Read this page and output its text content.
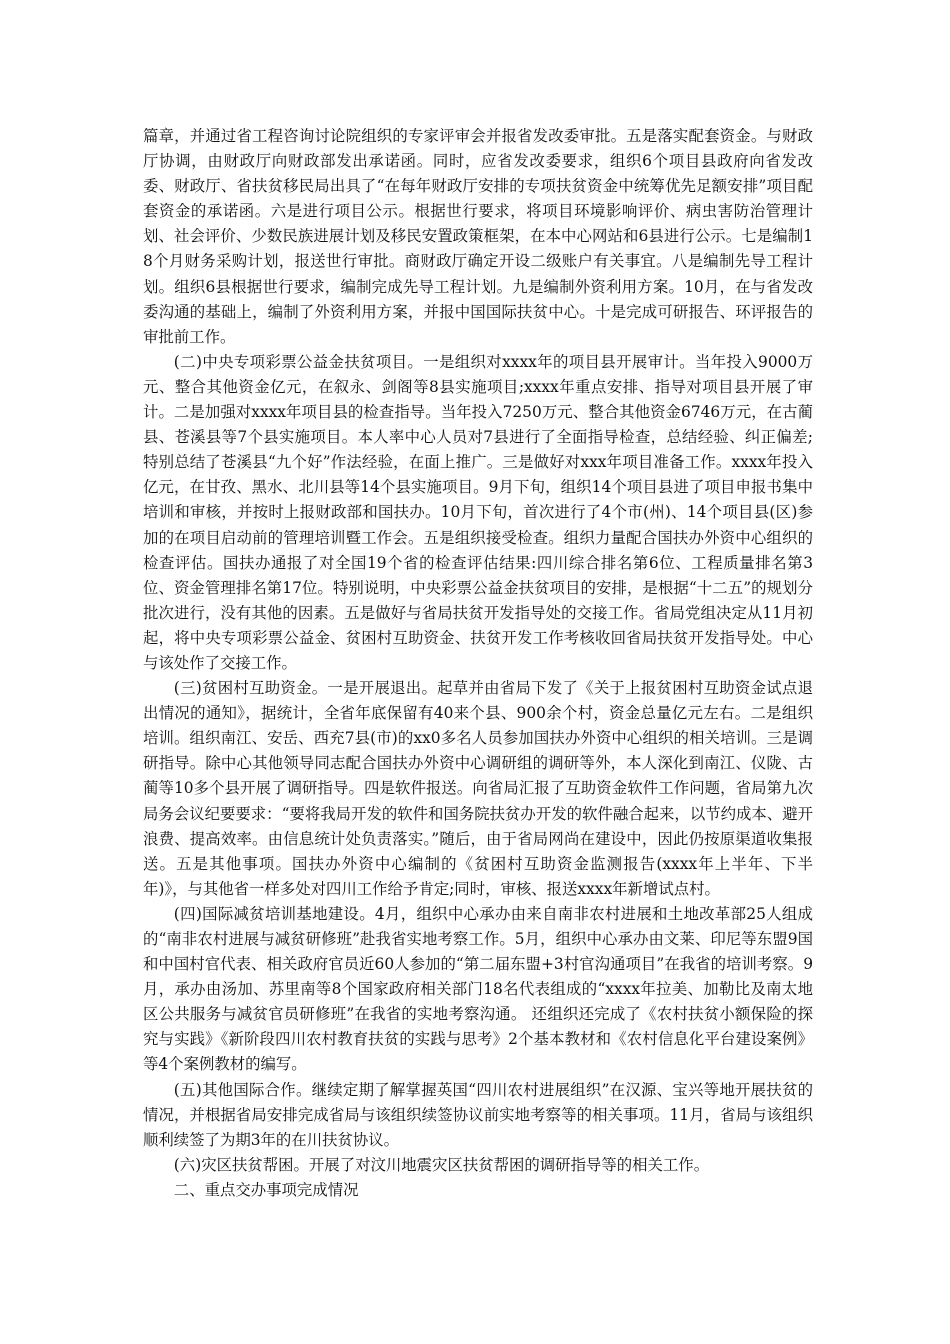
篇章，并通过省工程咨询讨论院组织的专家评审会并报省发改委审批。五是落实配套资金。与财政厅协调，由财政厅向财政部发出承诺函。同时，应省发改委要求，组织6个项目县政府向省发改委、财政厅、省扶贫移民局出具了“在每年财政厅安排的专项扶贫资金中统筹优先足额安排”项目配套资金的承诺函。六是进行项目公示。根据世行要求，将项目环境影响评价、病虫害防治管理计划、社会评价、少数民族进展计划及移民安置政策框架，在本中心网站和6县进行公示。七是编制18个月财务采购计划，报送世行审批。商财政厅确定开设二级账户有关事宜。八是编制先导工程计划。组织6县根据世行要求，编制完成先导工程计划。九是编制外资利用方案。10月，在与省发改委沟通的基础上，编制了外资利用方案，并报中国国际扶贫中心。十是完成可研报告、环评报告的审批前工作。

(二)中央专项彩票公益金扶贫项目。一是组织对xxxx年的项目县开展审计。当年投入9000万元、整合其他资金亿元，在叙永、剑阁等8县实施项目;xxxx年重点安排、指导对项目县开展了审计。二是加强对xxxx年项目县的检查指导。当年投入7250万元、整合其他资金6746万元，在古蔺县、苍溪县等7个县实施项目。本人率中心人员对7县进行了全面指导检查，总结经验、纠正偏差;特别总结了苍溪县“九个好”作法经验，在面上推广。三是做好对xxx年项目准备工作。xxxx年投入亿元，在甘孜、黑水、北川县等14个县实施项目。9月下旬，组织14个项目县进了项目申报书集中培训和审核，并按时上报财政部和国扶办。10月下旬，首次进行了4个市(州)、14个项目县(区)参加的在项目启动前的管理培训暨工作会。五是组织接受检查。组织力量配合国扶办外资中心组织的检查评估。国扶办通报了对全国19个省的检查评估结果:四川综合排名第6位、工程质量排名第3位、资金管理排名第17位。特别说明，中央彩票公益金扶贫项目的安排，是根据“十二五”的规划分批次进行，没有其他的因素。五是做好与省局扶贫开发指导处的交接工作。省局党组决定从11月初起，将中央专项彩票公益金、贫困村互助资金、扶贫开发工作考核收回省局扶贫开发指导处。中心与该处作了交接工作。

(三)贫困村互助资金。一是开展退出。起草并由省局下发了《关于上报贫困村互助资金试点退出情况的通知》，据统计，全省年底保留有40来个县、900余个村，资金总量亿元左右。二是组织培训。组织南江、安岳、西充7县(市)的xx0多名人员参加国扶办外资中心组织的相关培训。三是调研指导。除中心其他领导同志配合国扶办外资中心调研组的调研等外，本人深化到南江、仪陇、古蔺等10多个县开展了调研指导。四是软件报送。向省局汇报了互助资金软件工作问题，省局第九次局务会议纪要要求：“要将我局开发的软件和国务院扶贫办开发的软件融合起来，以节约成本、避开浪费、提高效率。由信息统计处负责落实。”随后，由于省局网尚在建设中，因此仍按原渠道收集报送。五是其他事项。国扶办外资中心编制的《贫困村互助资金监测报告(xxxx年上半年、下半年)》，与其他省一样多处对四川工作给予肯定;同时，审核、报送xxxx年新增试点村。

(四)国际减贫培训基地建设。4月，组织中心承办由来自南非农村进展和土地改革部25人组成的“南非农村进展与减贫研修班”赴我省实地考察工作。5月，组织中心承办由文莱、印尼等东盟9国和中国村官代表、相关政府官员近60人参加的“第二届东盟+3村官沟通项目”在我省的培训考察。9月，承办由汤加、苏里南等8个国家政府相关部门18名代表组成的“xxxx年拉美、加勒比及南太地区公共服务与减贫官员研修班”在我省的实地考察沟通。 还组织还完成了《农村扶贫小额保险的探究与实践》《新阶段四川农村教育扶贫的实践与思考》2个基本教材和《农村信息化平台建设案例》等4个案例教材的编写。

(五)其他国际合作。继续定期了解掌握英国“四川农村进展组织”在汉源、宝兴等地开展扶贫的情况，并根据省局安排完成省局与该组织续签协议前实地考察等的相关事项。11月，省局与该组织顺利续签了为期3年的在川扶贫协议。

(六)灾区扶贫帮困。开展了对汶川地震灾区扶贫帮困的调研指导等的相关工作。

二、重点交办事项完成情况
